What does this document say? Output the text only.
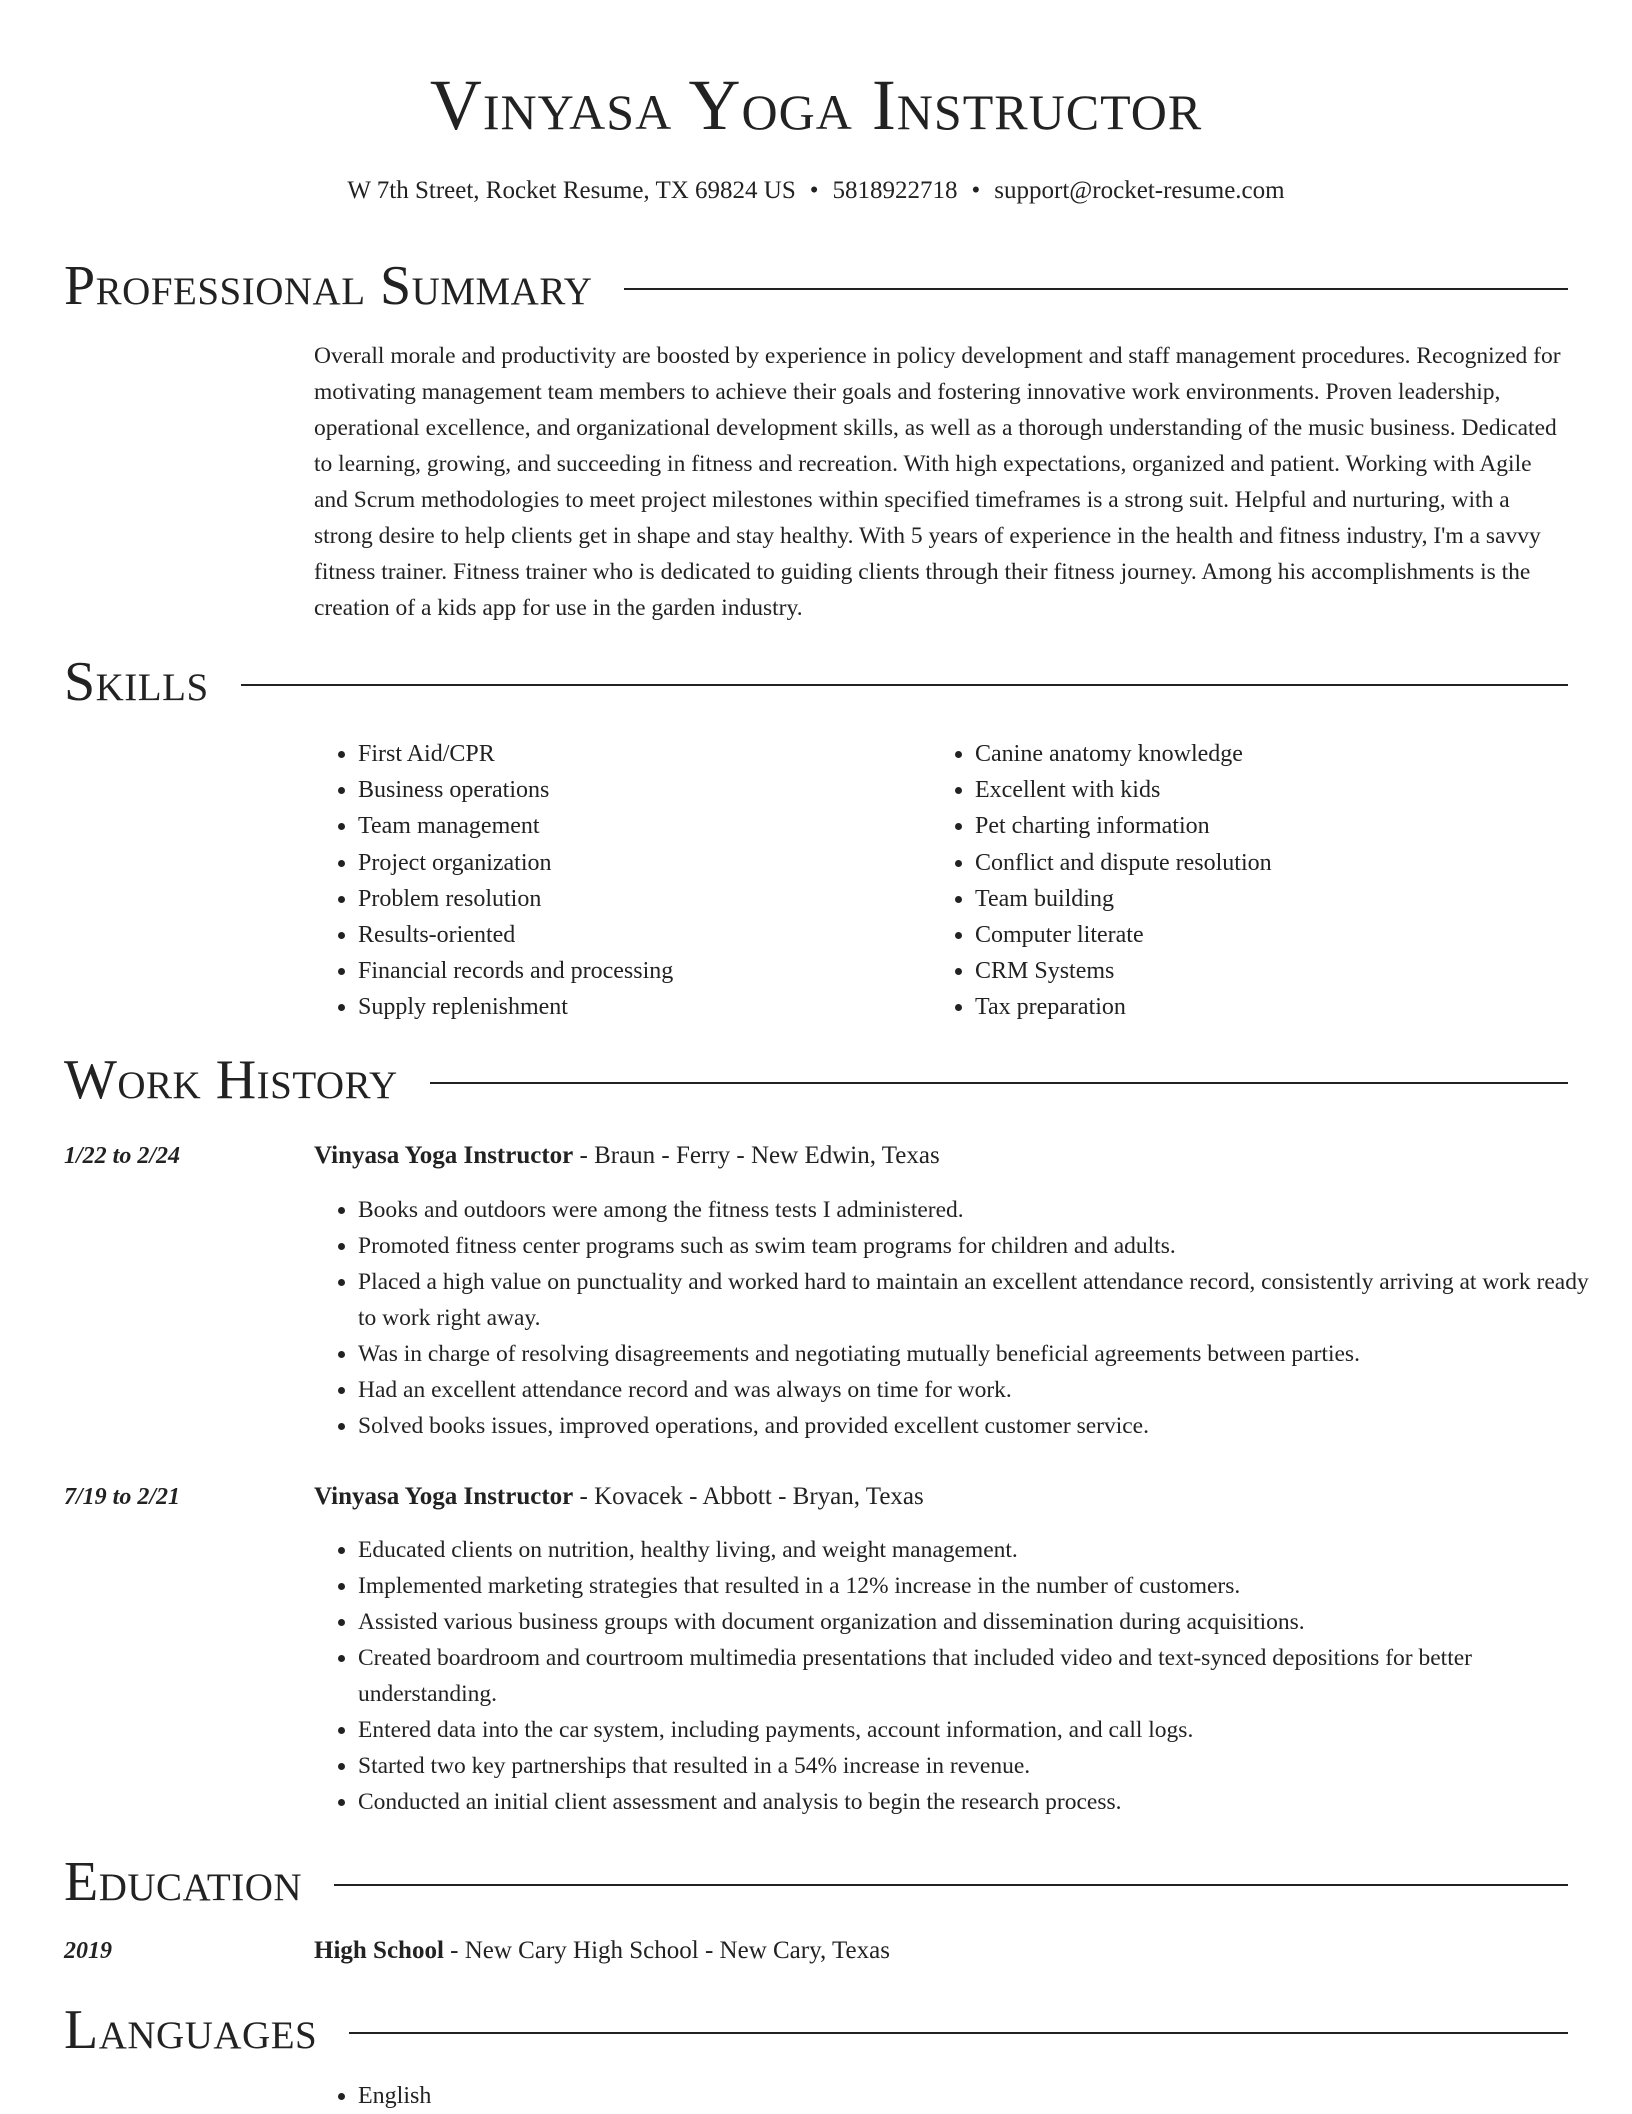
Vinyasa Yoga Instructor
W 7th Street, Rocket Resume, TX 69824 US • 5818922718 • support@rocket-resume.com
Professional Summary

Overall morale and productivity are boosted by experience in policy development and staff management procedures. Recognized for motivating management team members to achieve their goals and fostering innovative work environments. Proven leadership, operational excellence, and organizational development skills, as well as a thorough understanding of the music business. Dedicated to learning, growing, and succeeding in fitness and recreation. With high expectations, organized and patient. Working with Agile and Scrum methodologies to meet project milestones within specified timeframes is a strong suit. Helpful and nurturing, with a strong desire to help clients get in shape and stay healthy. With 5 years of experience in the health and fitness industry, I'm a savvy fitness trainer. Fitness trainer who is dedicated to guiding clients through their fitness journey. Among his accomplishments is the creation of a kids app for use in the garden industry.

Skills
• First Aid/CPR
• Business operations
• Team management
• Project organization
• Problem resolution
• Results-oriented
• Financial records and processing
• Supply replenishment
• Canine anatomy knowledge
• Excellent with kids
• Pet charting information
• Conflict and dispute resolution
• Team building
• Computer literate
• CRM Systems
• Tax preparation
Work History
1/22 to 2/24	Vinyasa Yoga Instructor - Braun - Ferry - New Edwin, Texas
• Books and outdoors were among the fitness tests I administered.
• Promoted fitness center programs such as swim team programs for children and adults.
• Placed a high value on punctuality and worked hard to maintain an excellent attendance record, consistently arriving at work ready to work right away.
• Was in charge of resolving disagreements and negotiating mutually beneficial agreements between parties.
• Had an excellent attendance record and was always on time for work.
• Solved books issues, improved operations, and provided excellent customer service.
7/19 to 2/21	Vinyasa Yoga Instructor - Kovacek - Abbott - Bryan, Texas
• Educated clients on nutrition, healthy living, and weight management.
• Implemented marketing strategies that resulted in a 12% increase in the number of customers.
• Assisted various business groups with document organization and dissemination during acquisitions.
• Created boardroom and courtroom multimedia presentations that included video and text-synced depositions for better understanding.
• Entered data into the car system, including payments, account information, and call logs.
• Started two key partnerships that resulted in a 54% increase in revenue.
• Conducted an initial client assessment and analysis to begin the research process.
Education
2019	High School - New Cary High School - New Cary, Texas
Languages
• English
